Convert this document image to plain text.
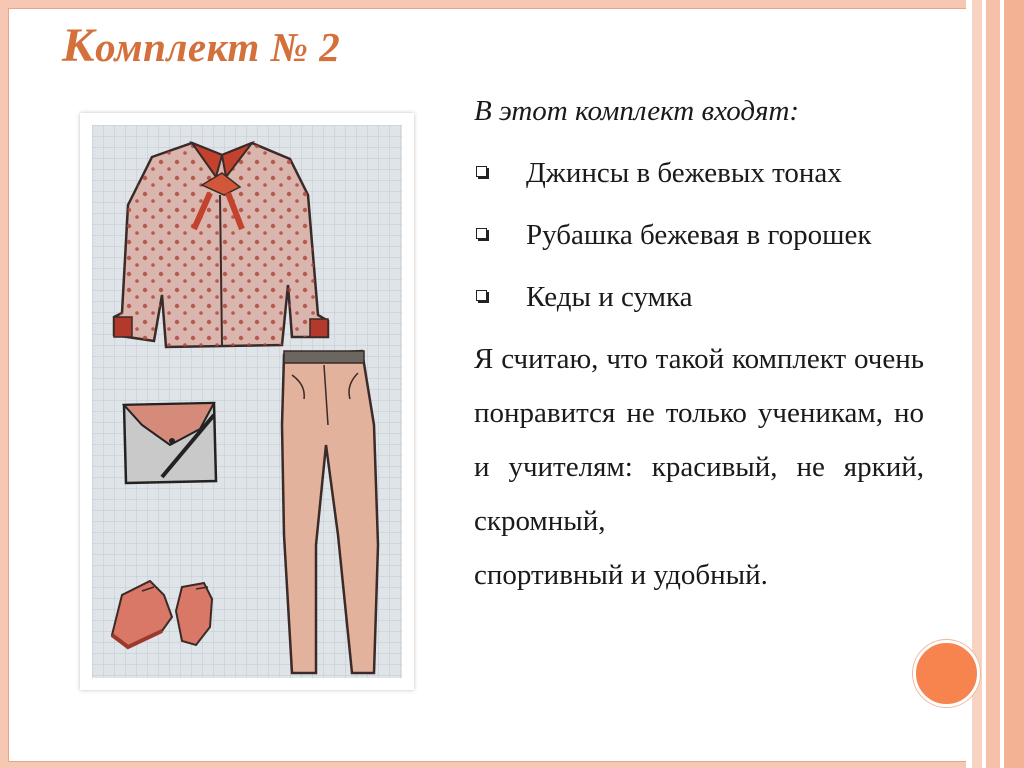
Комплект № 2
В этот комплект входят:
Джинсы в бежевых тонах
Рубашка бежевая в горошек
Кеды и сумка
Я считаю, что такой комплект очень понравится не только ученикам, но и учителям: красивый, не яркий, скромный,
спортивный и удобный.
